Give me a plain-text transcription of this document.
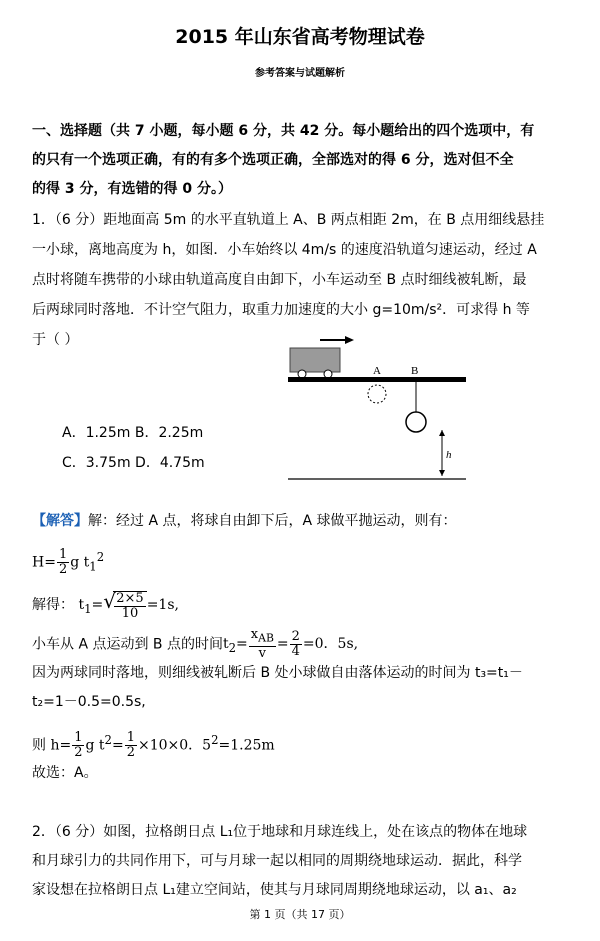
2015 年山东省高考物理试卷
参考答案与试题解析
一、选择题（共 7 小题，每小题 6 分，共 42 分。每小题给出的四个选项中，有
的只有一个选项正确，有的有多个选项正确，全部选对的得 6 分，选对但不全
的得 3 分，有选错的得 0 分。）
1．（6 分）距地面高 5m 的水平直轨道上 A、B 两点相距 2m，在 B 点用细线悬挂
一小球，离地高度为 h，如图．小车始终以 4m/s 的速度沿轨道匀速运动，经过 A
点时将随车携带的小球由轨道高度自由卸下，小车运动至 B 点时细线被轧断，最
后两球同时落地．不计空气阻力，取重力加速度的大小 g=10m/s²．可求得 h 等
于（ ）
A	B
h
A．1.25m B．2.25m
C．3.75m D．4.75m
【解答】解：经过 A 点，将球自由卸下后，A 球做平抛运动，则有：
$H= \frac{1}{2}$ g $t_1^2$
解得： $t_1=$ √
$\frac{2\times 5}{10} =1s$,
小车从 A 点运动到 B 点的时间$t_2= \frac{x_{AB}}{v} = \frac{2}{4} =0$．5s,
因为两球同时落地，则细线被轧断后 B 处小球做自由落体运动的时间为 t₃=t₁－
t₂=1－0.5=0.5s,
则 $h= \frac{1}{2}$ g $t^2= \frac{1}{2} \times 10\times 0$．$5^2=1.25m$
故选：A。
2．（6 分）如图，拉格朗日点 L₁位于地球和月球连线上，处在该点的物体在地球
和月球引力的共同作用下，可与月球一起以相同的周期绕地球运动．据此，科学
家设想在拉格朗日点 L₁建立空间站，使其与月球同周期绕地球运动，以 a₁、a₂
第 1 页（共 17 页）
